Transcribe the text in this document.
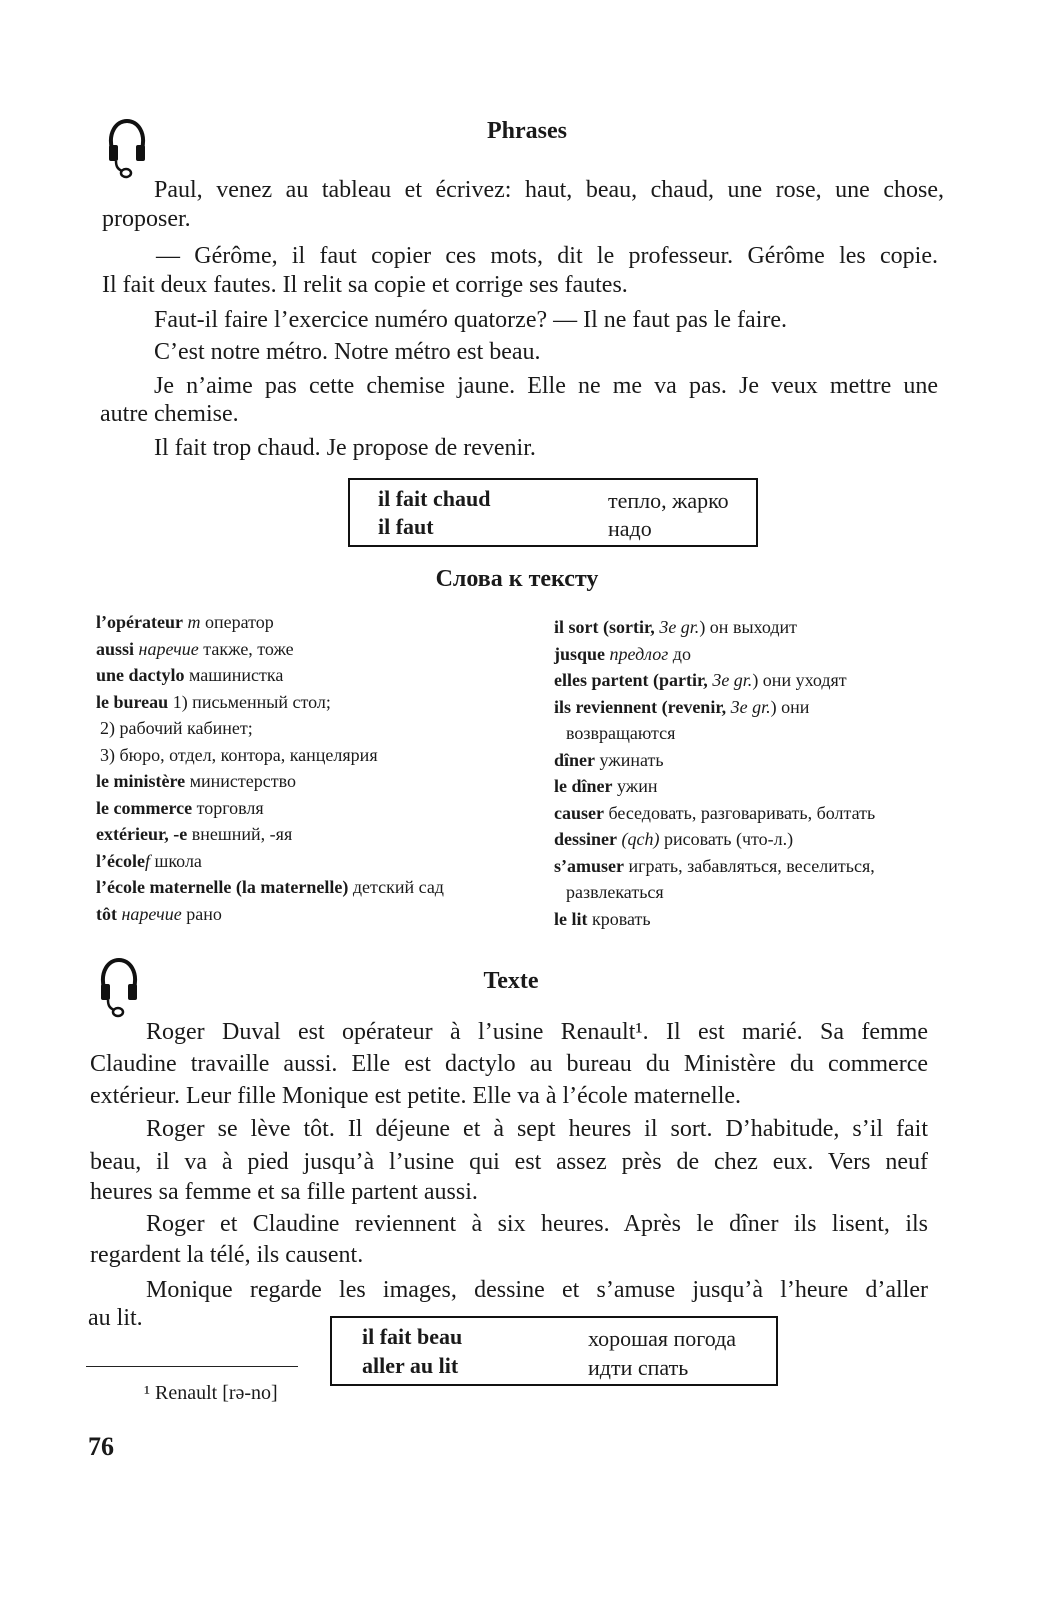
Phrases
Paul, venez au tableau et écrivez: haut, beau, chaud, une rose, une chose,
proposer.
— Gérôme, il faut copier ces mots, dit le professeur. Gérôme les copie.
Il fait deux fautes. Il relit sa copie et corrige ses fautes.
Faut-il faire l’exercice numéro quatorze? — Il ne faut pas le faire.
C’est notre métro. Notre métro est beau.
Je n’aime pas cette chemise jaune. Elle ne me va pas. Je veux mettre une
autre chemise.
Il fait trop chaud. Je propose de revenir.
il fait chaud	тепло, жарко
il faut	надо
Слова к тексту
l’opérateur m оператор
aussi наречие также, тоже
une dactylo машинистка
le bureau 1) письменный стол;
2) рабочий кабинет;
3) бюро, отдел, контора, канцелярия
le ministère министерство
le commerce торговля
extérieur, -e внешний, -яя
l’écolef школа
l’école maternelle (la maternelle) детский сад
tôt наречие рано
il sort (sortir, 3e gr.) он выходит
jusque предлог до
elles partent (partir, 3e gr.) они уходят
ils reviennent (revenir, 3e gr.) они
возвращаются
dîner ужинать
le dîner ужин
causer беседовать, разговаривать, болтать
dessiner (qch) рисовать (что-л.)
s’amuser играть, забавляться, веселиться,
развлекаться
le lit кровать
Texte
Roger Duval est opérateur à l’usine Renault¹. Il est marié. Sa femme
Claudine travaille aussi. Elle est dactylo au bureau du Ministère du commerce
extérieur. Leur fille Monique est petite. Elle va à l’école maternelle.
Roger se lève tôt. Il déjeune et à sept heures il sort. D’habitude, s’il fait
beau, il va à pied jusqu’à l’usine qui est assez près de chez eux. Vers neuf
heures sa femme et sa fille partent aussi.
Roger et Claudine reviennent à six heures. Après le dîner ils lisent, ils
regardent la télé, ils causent.
Monique regarde les images, dessine et s’amuse jusqu’à l’heure d’aller
au lit.
il fait beau	хорошая погода
aller au lit	идти спать
¹ Renault [rə-no]
76
